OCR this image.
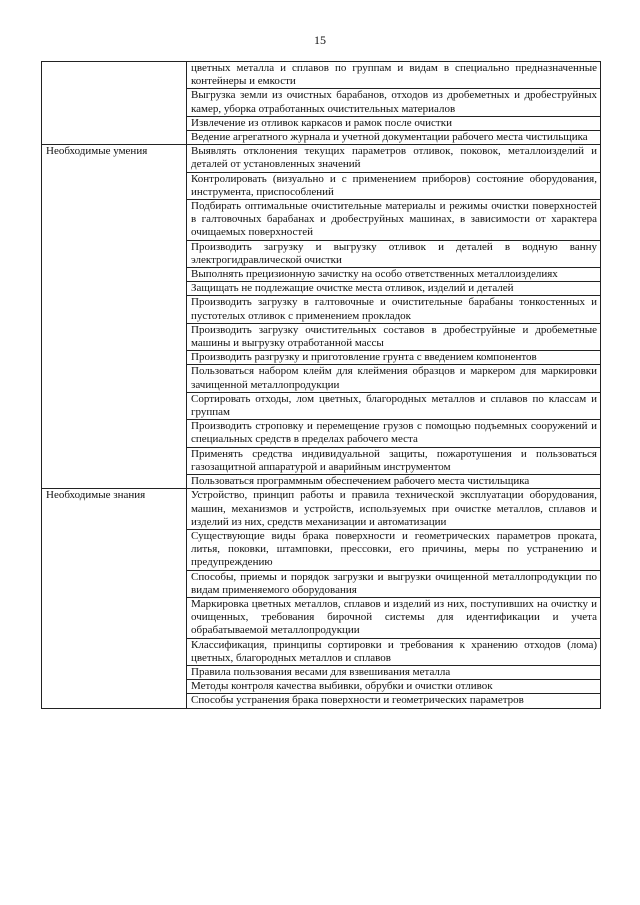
15
	цветных металла и сплавов по группам и видам в специально предназначенные контейнеры и емкости
	Выгрузка земли из очистных барабанов, отходов из дробеметных и дробеструйных камер, уборка отработанных очистительных материалов
	Извлечение из отливок каркасов и рамок после очистки
	Ведение агрегатного журнала и учетной документации рабочего места чистильщика
Необходимые умения	Выявлять отклонения текущих параметров отливок, поковок, металлоизделий и деталей от установленных значений
	Контролировать (визуально и с применением приборов) состояние оборудования, инструмента, приспособлений
	Подбирать оптимальные очистительные материалы и режимы очистки поверхностей в галтовочных барабанах и дробеструйных машинах, в зависимости от характера очищаемых поверхностей
	Производить загрузку и выгрузку отливок и деталей в водную ванну электрогидравлической очистки
	Выполнять прецизионную зачистку на особо ответственных металлоизделиях
	Защищать не подлежащие очистке места отливок, изделий и деталей
	Производить загрузку в галтовочные и очистительные барабаны тонкостенных и пустотелых отливок с применением прокладок
	Производить загрузку очистительных составов в дробеструйные и дробеметные машины и выгрузку отработанной массы
	Производить разгрузку и приготовление грунта с введением компонентов
	Пользоваться набором клейм для клеймения образцов и маркером для маркировки зачищенной металлопродукции
	Сортировать отходы, лом цветных, благородных металлов и сплавов по классам и группам
	Производить строповку и перемещение грузов с помощью подъемных сооружений и специальных средств в пределах рабочего места
	Применять средства индивидуальной защиты, пожаротушения и пользоваться газозащитной аппаратурой и аварийным инструментом
	Пользоваться программным обеспечением рабочего места чистильщика
Необходимые знания	Устройство, принцип работы и правила технической эксплуатации оборудования, машин, механизмов и устройств, используемых при очистке металлов, сплавов и изделий из них, средств механизации и автоматизации
	Существующие виды брака поверхности и геометрических параметров проката, литья, поковки, штамповки, прессовки, его причины, меры по устранению и предупреждению
	Способы, приемы и порядок загрузки и выгрузки очищенной металлопродукции по видам применяемого оборудования
	Маркировка цветных металлов, сплавов и изделий из них, поступивших на очистку и очищенных, требования бирочной системы для идентификации и учета обрабатываемой металлопродукции
	Классификация, принципы сортировки и требования к хранению отходов (лома) цветных, благородных металлов и сплавов
	Правила пользования весами для взвешивания металла
	Методы контроля качества выбивки, обрубки и очистки отливок
	Способы устранения брака поверхности и геометрических параметров
